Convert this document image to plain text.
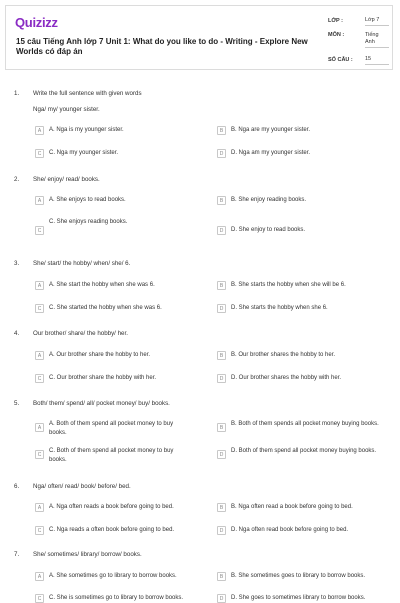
Quizizz
15 câu Tiếng Anh lớp 7 Unit 1: What do you like to do - Writing - Explore New Worlds có đáp án
LỚP :	Lớp 7
MÔN :	Tiếng Anh
SỐ CÂU : 15
1. Write the full sentence with given words
Nga/ my/ younger sister.
A	A. Nga is my younger sister.	B	B. Nga are my younger sister.
C	C. Nga my younger sister.	D	D. Nga am my younger sister.
2. She/ enjoy/ read/ books.
A	A. She enjoys to read books.	B	B. She enjoy reading books.
C
C. She enjoys reading books.
D	D. She enjoy to read books.
3. She/ start/ the hobby/ when/ she/ 6.
A	A. She start the hobby when she was 6.	B	B. She starts the hobby when she will be 6.
C	C. She started the hobby when she was 6.	D	D. She starts the hobby when she 6.
4. Our brother/ share/ the hobby/ her.
A	A. Our brother share the hobby to her.	B	B. Our brother shares the hobby to her.
C	C. Our brother share the hobby with her.	D	D. Our brother shares the hobby with her.
5. Both/ them/ spend/ all/ pocket money/ buy/ books.
A
A. Both of them spend all pocket money to buy books.
B
B. Both of them spends all pocket money buying books.
C
C. Both of them spend all pocket money to buy books.
D
D. Both of them spend all pocket money buying books.
6. Nga/ often/ read/ book/ before/ bed.
A	A. Nga often reads a book before going to bed.	B	B. Nga often read a book before going to bed.
C	C. Nga reads a often book before going to bed.	D	D. Nga often read book before going to bed.
7. She/ sometimes/ library/ borrow/ books.
A	A. She sometimes go to library to borrow books.	B	B. She sometimes goes to library to borrow books.
C	C. She is sometimes go to library to borrow books.	D	D. She goes to sometimes library to borrow books.
